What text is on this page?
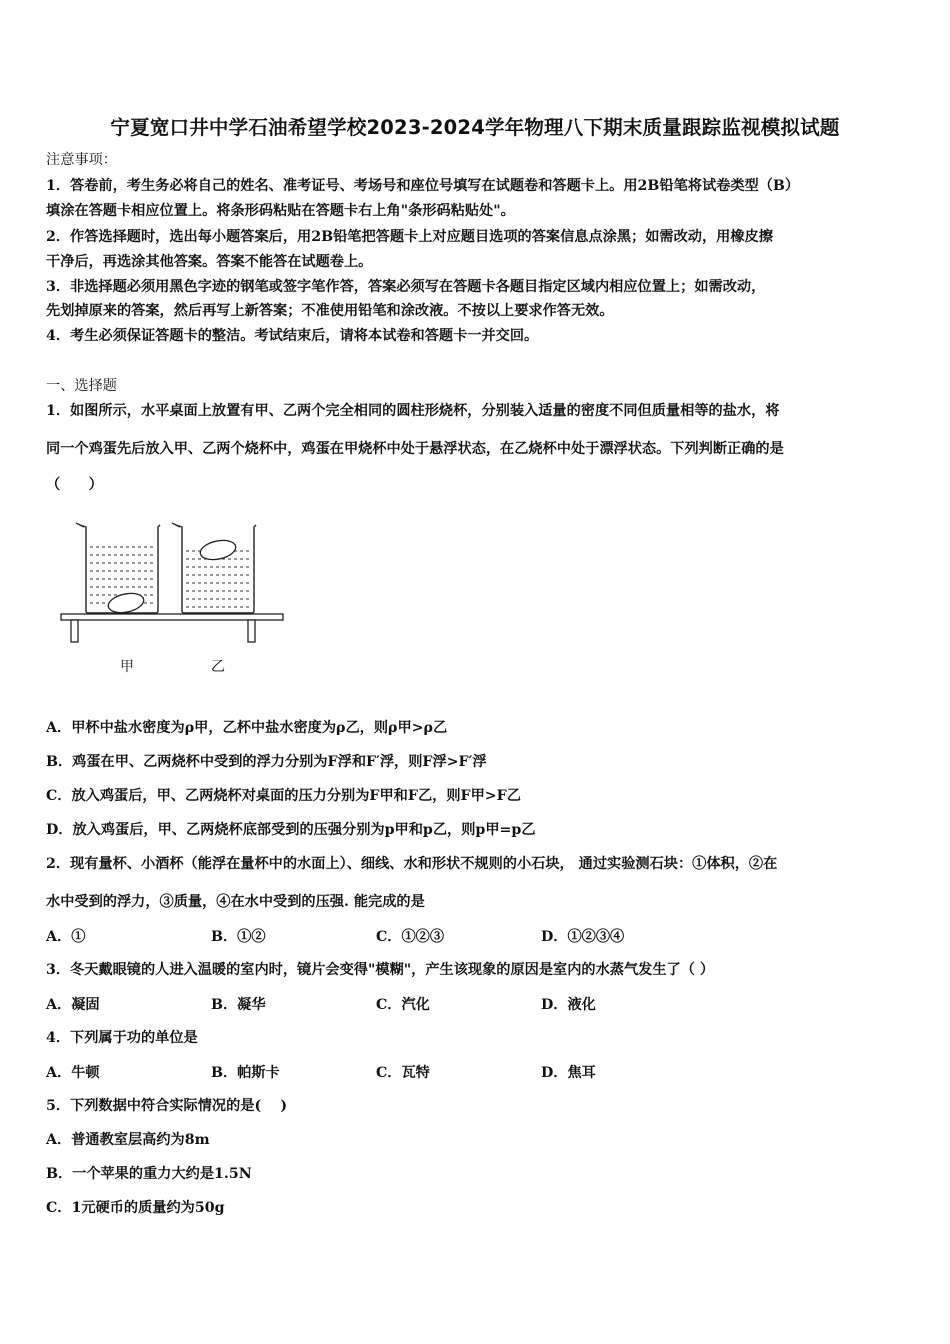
宁夏宽口井中学石油希望学校2023-2024学年物理八下期末质量跟踪监视模拟试题
注意事项：
1．答卷前，考生务必将自己的姓名、准考证号、考场号和座位号填写在试题卷和答题卡上。用2B铅笔将试卷类型（B）
填涂在答题卡相应位置上。将条形码粘贴在答题卡右上角"条形码粘贴处"。
2．作答选择题时，选出每小题答案后，用2B铅笔把答题卡上对应题目选项的答案信息点涂黑；如需改动，用橡皮擦
干净后，再选涂其他答案。答案不能答在试题卷上。
3．非选择题必须用黑色字迹的钢笔或签字笔作答，答案必须写在答题卡各题目指定区域内相应位置上；如需改动，
先划掉原来的答案，然后再写上新答案；不准使用铅笔和涂改液。不按以上要求作答无效。
4．考生必须保证答题卡的整洁。考试结束后，请将本试卷和答题卡一并交回。
一、选择题
1．如图所示，水平桌面上放置有甲、乙两个完全相同的圆柱形烧杯，分别装入适量的密度不同但质量相等的盐水，将
同一个鸡蛋先后放入甲、乙两个烧杯中，鸡蛋在甲烧杯中处于悬浮状态，在乙烧杯中处于漂浮状态。下列判断正确的是
（　　）
甲	乙
A．甲杯中盐水密度为ρ甲，乙杯中盐水密度为ρ乙，则ρ甲>ρ乙
B．鸡蛋在甲、乙两烧杯中受到的浮力分别为F浮和F′浮，则F浮>F′浮
C．放入鸡蛋后，甲、乙两烧杯对桌面的压力分别为F甲和F乙，则F甲>F乙
D．放入鸡蛋后，甲、乙两烧杯底部受到的压强分别为p甲和p乙，则p甲=p乙
2．现有量杯、小酒杯（能浮在量杯中的水面上）、细线、水和形状不规则的小石块， 通过实验测石块：①体积，②在
水中受到的浮力，③质量，④在水中受到的压强. 能完成的是
A．①	B．①②	C．①②③	D．①②③④
3．冬天戴眼镜的人进入温暖的室内时，镜片会变得"模糊"，产生该现象的原因是室内的水蒸气发生了（ ）
A．凝固	B．凝华	C．汽化	D．液化
4．下列属于功的单位是
A．牛顿	B．帕斯卡	C．瓦特	D．焦耳
5．下列数据中符合实际情况的是(　 )
A．普通教室层高约为8m
B．一个苹果的重力大约是1.5N
C．1元硬币的质量约为50g
